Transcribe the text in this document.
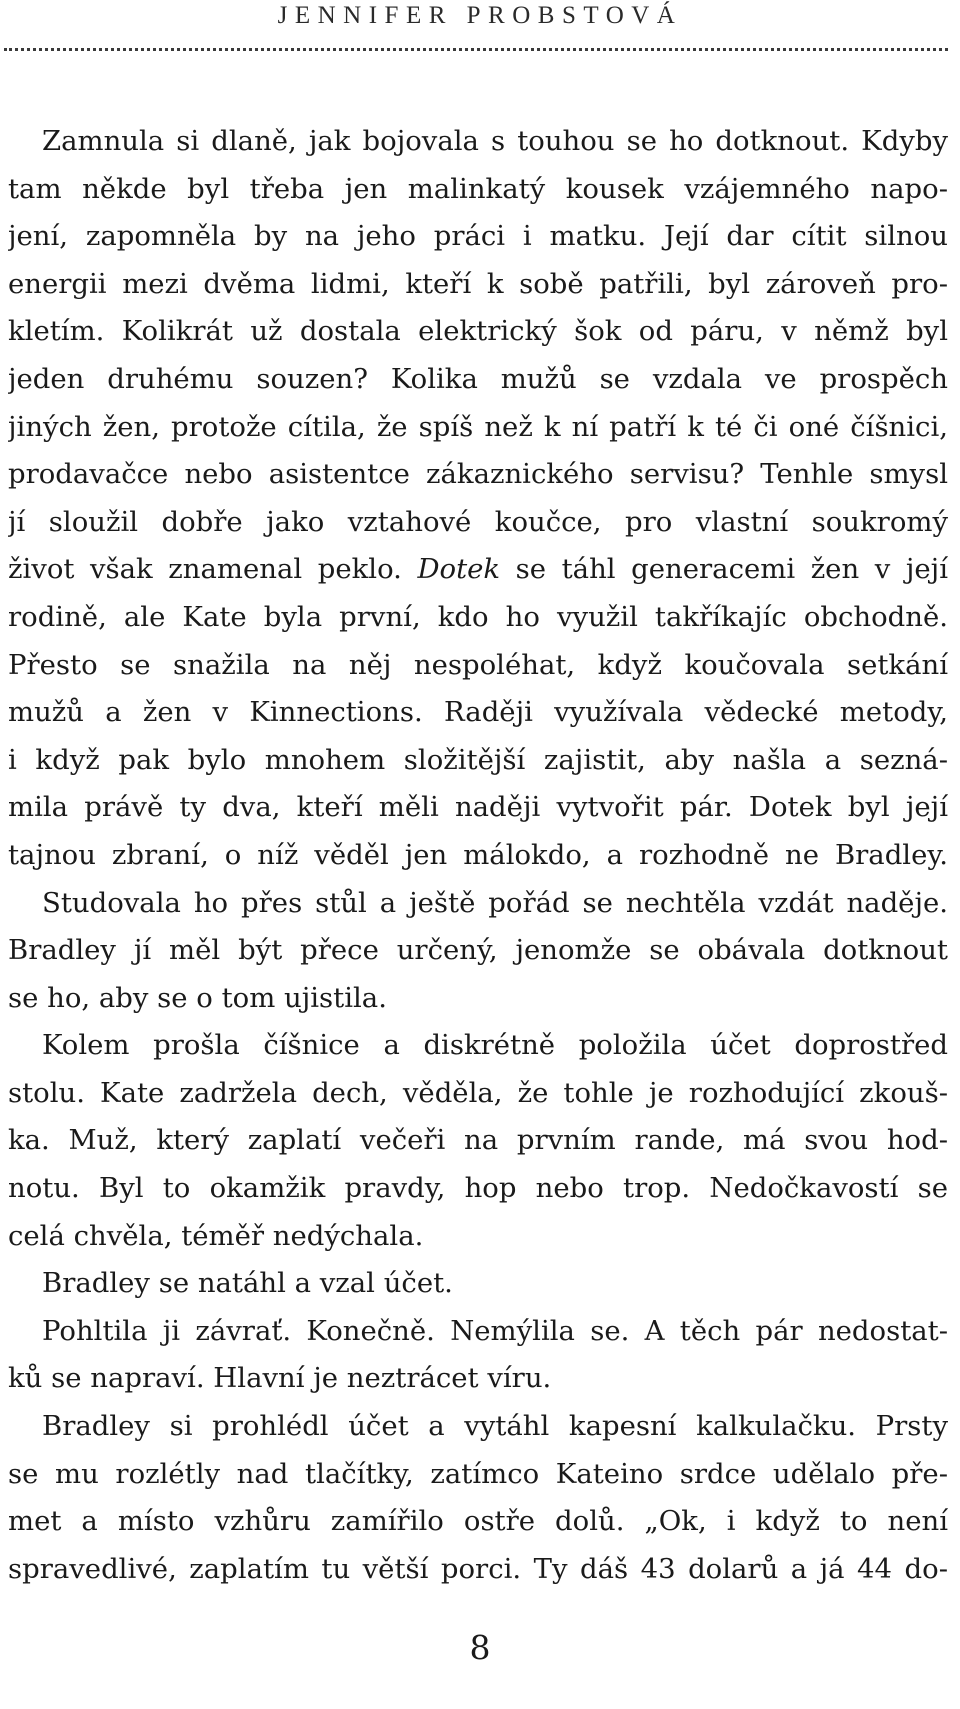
JENNIFER PROBSTOVÁ
Zamnula si dlaně, jak bojovala s touhou se ho dotknout. Kdyby
tam někde byl třeba jen malinkatý kousek vzájemného napo-
jení, zapomněla by na jeho práci i matku. Její dar cítit silnou
energii mezi dvěma lidmi, kteří k sobě patřili, byl zároveň pro-
kletím. Kolikrát už dostala elektrický šok od páru, v němž byl
jeden druhému souzen? Kolika mužů se vzdala ve prospěch
jiných žen, protože cítila, že spíš než k ní patří k té či oné číšnici,
prodavačce nebo asistentce zákaznického servisu? Tenhle smysl
jí sloužil dobře jako vztahové koučce, pro vlastní soukromý
život však znamenal peklo. Dotek se táhl generacemi žen v její
rodině, ale Kate byla první, kdo ho využil takříkajíc obchodně.
Přesto se snažila na něj nespoléhat, když koučovala setkání
mužů a žen v Kinnections. Raději využívala vědecké metody,
i když pak bylo mnohem složitější zajistit, aby našla a sezná-
mila právě ty dva, kteří měli naději vytvořit pár. Dotek byl její
tajnou zbraní, o níž věděl jen málokdo, a rozhodně ne Bradley.
Studovala ho přes stůl a ještě pořád se nechtěla vzdát naděje.
Bradley jí měl být přece určený, jenomže se obávala dotknout
se ho, aby se o tom ujistila.
Kolem prošla číšnice a diskrétně položila účet doprostřed
stolu. Kate zadržela dech, věděla, že tohle je rozhodující zkouš-
ka. Muž, který zaplatí večeři na prvním rande, má svou hod-
notu. Byl to okamžik pravdy, hop nebo trop. Nedočkavostí se
celá chvěla, téměř nedýchala.
Bradley se natáhl a vzal účet.
Pohltila ji závrať. Konečně. Nemýlila se. A těch pár nedostat-
ků se napraví. Hlavní je neztrácet víru.
Bradley si prohlédl účet a vytáhl kapesní kalkulačku. Prsty
se mu rozlétly nad tlačítky, zatímco Kateino srdce udělalo pře-
met a místo vzhůru zamířilo ostře dolů. „Ok, i když to není
spravedlivé, zaplatím tu větší porci. Ty dáš 43 dolarů a já 44 do-
8
